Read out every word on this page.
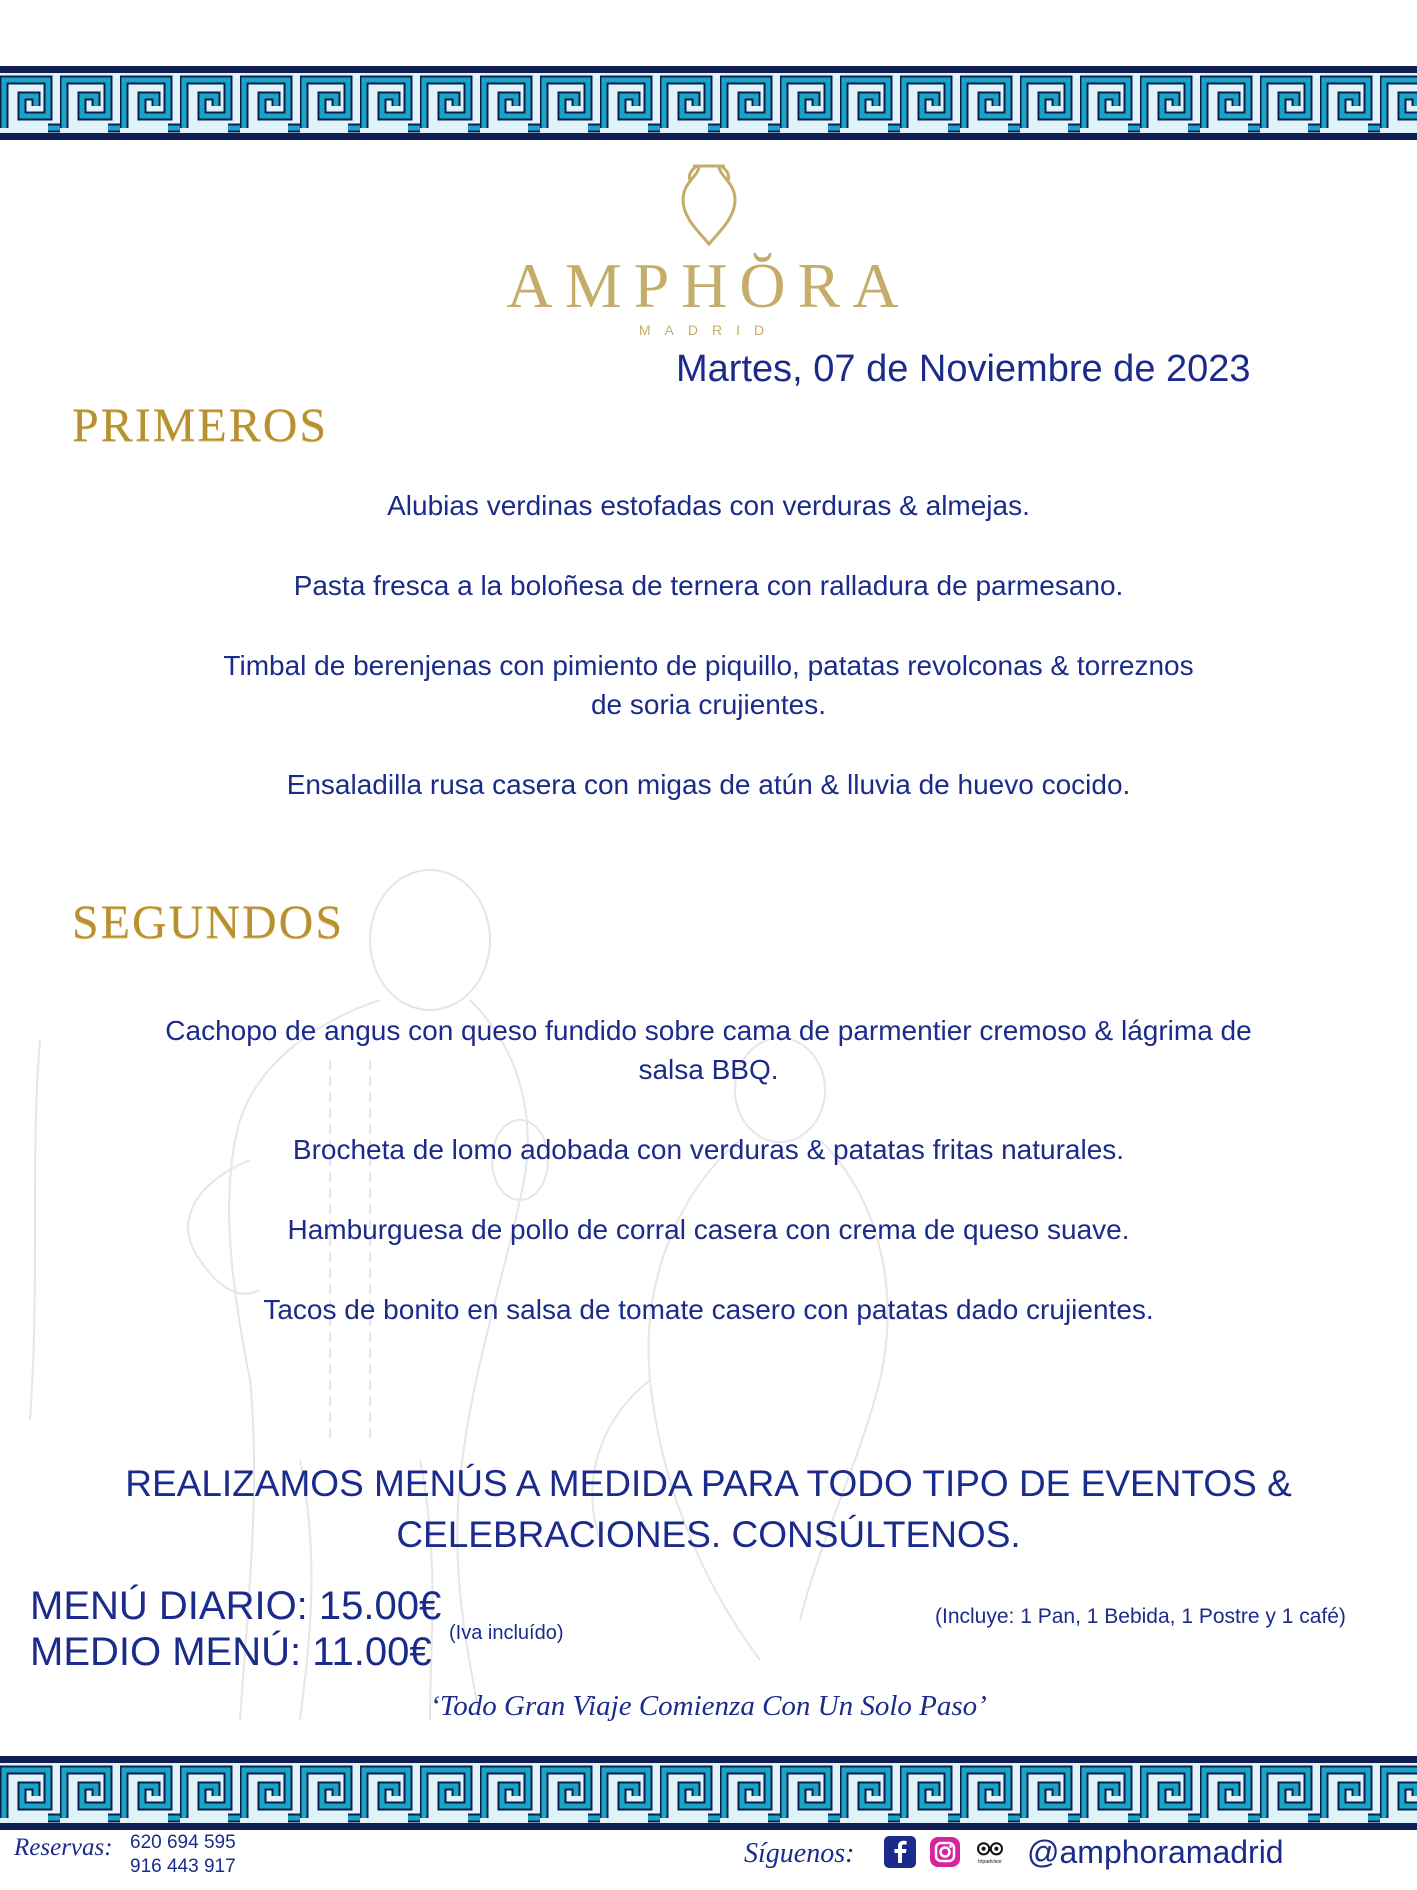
AMPHŎRA
MADRID
Martes, 07 de Noviembre de 2023
PRIMEROS
Alubias verdinas estofadas con verduras & almejas.
Pasta fresca a la boloñesa de ternera con ralladura de parmesano.
Timbal de berenjenas con pimiento de piquillo, patatas revolconas & torreznos
de soria crujientes.
Ensaladilla rusa casera con migas de atún & lluvia de huevo cocido.
SEGUNDOS
Cachopo de angus con queso fundido sobre cama de parmentier cremoso & lágrima de
salsa BBQ.
Brocheta de lomo adobada con verduras & patatas fritas naturales.
Hamburguesa de pollo de corral casera con crema de queso suave.
Tacos de bonito en salsa de tomate casero con patatas dado crujientes.
REALIZAMOS MENÚS A MEDIDA PARA TODO TIPO DE EVENTOS &
CELEBRACIONES. CONSÚLTENOS.
MENÚ DIARIO: 15.00€
MEDIO MENÚ: 11.00€ (Iva incluído)
(Incluye: 1 Pan, 1 Bebida, 1 Postre y 1 café)
‘Todo Gran Viaje Comienza Con Un Solo Paso’
Reservas: 620 694 595
916 443 917	Síguenos:	tripadvisor @amphoramadrid
